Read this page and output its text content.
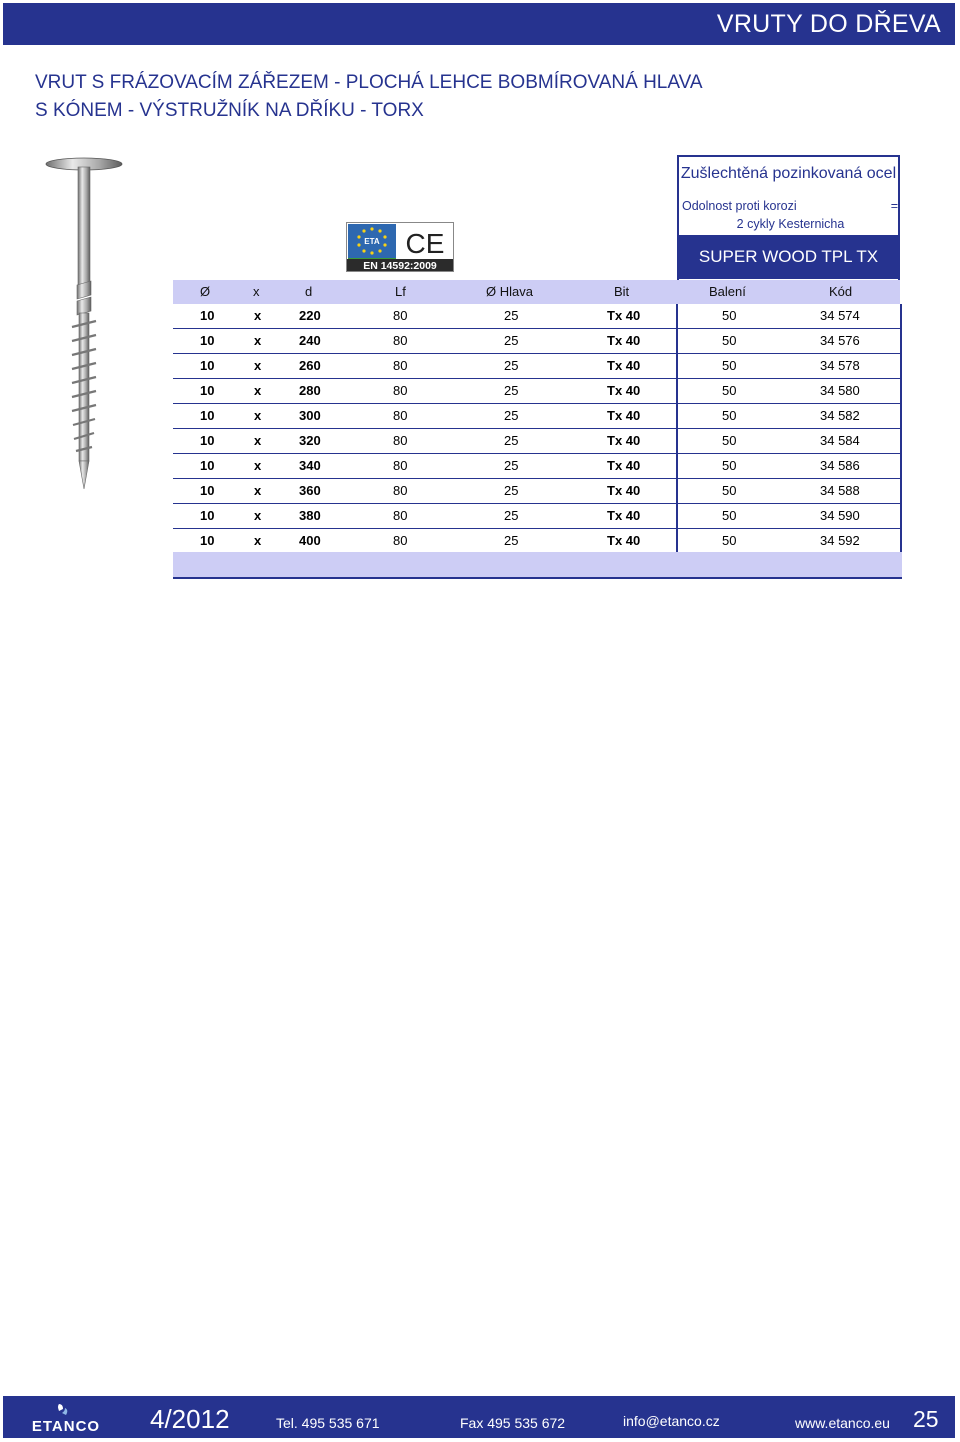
VRUTY DO DŘEVA
VRUT S FRÁZOVACÍM ZÁŘEZEM - PLOCHÁ LEHCE BOBMÍROVANÁ HLAVA
S KÓNEM - VÝSTRUŽNÍK NA DŘÍKU - TORX
ETA CE
EN 14592:2009
Zušlechtěná pozinkovaná ocel
Odolnost proti korozi	=
2 cykly Kesternicha
SUPER WOOD TPL TX
Ø	x	d	Lf	Ø Hlava	Bit	Balení	Kód
10	x	220	80	25	Tx 40	50	34 574
10	x	240	80	25	Tx 40	50	34 576
10	x	260	80	25	Tx 40	50	34 578
10	x	280	80	25	Tx 40	50	34 580
10	x	300	80	25	Tx 40	50	34 582
10	x	320	80	25	Tx 40	50	34 584
10	x	340	80	25	Tx 40	50	34 586
10	x	360	80	25	Tx 40	50	34 588
10	x	380	80	25	Tx 40	50	34 590
10	x	400	80	25	Tx 40	50	34 592
ETANCO 4/2012	Tel. 495 535 671	Fax 495 535 672	info@etanco.cz	www.etanco.eu 25
